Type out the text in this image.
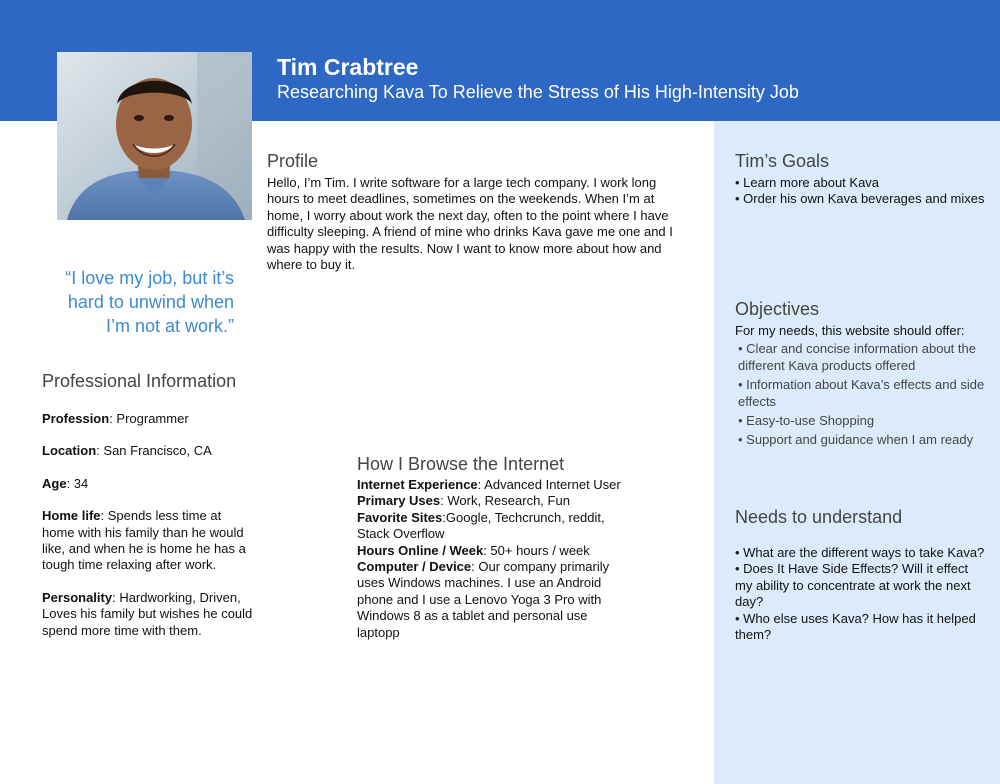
Tim Crabtree
Researching Kava To Relieve the Stress of His High-Intensity Job
“I love my job, but it’s hard to unwind when I’m not at work.”
Profile

Hello, I’m Tim. I write software for a large tech company. I work long hours to meet deadlines, sometimes on the weekends. When I’m at home, I worry about work the next day, often to the point where I have difficulty sleeping. A friend of mine who drinks Kava gave me one and I was happy with the results. Now I want to know more about how and where to buy it.

Professional Information

Profession: Programmer

Location: San Francisco, CA

Age: 34

Home life: Spends less time at home with his family than he would like, and when he is home he has a tough time relaxing after work.

Personality: Hardworking, Driven, Loves his family but wishes he could spend more time with them.

How I Browse the Internet

Internet Experience: Advanced Internet User

Primary Uses: Work, Research, Fun

Favorite Sites:Google, Techcrunch, reddit, Stack Overflow

Hours Online / Week: 50+ hours / week

Computer / Device: Our company primarily uses Windows machines. I use an Android phone and I use a Lenovo Yoga 3 Pro with Windows 8 as a tablet and personal use laptopp

Tim’s Goals

• Learn more about Kava

• Order his own Kava beverages and mixes

Objectives

For my needs, this website should offer:

• Clear and concise information about the different Kava products offered

• Information about Kava’s effects and side effects

• Easy-to-use Shopping

• Support and guidance when I am ready

Needs to understand

• What are the different ways to take Kava?

• Does It Have Side Effects? Will it effect my ability to concentrate at work the next day?

• Who else uses Kava? How has it helped them?
